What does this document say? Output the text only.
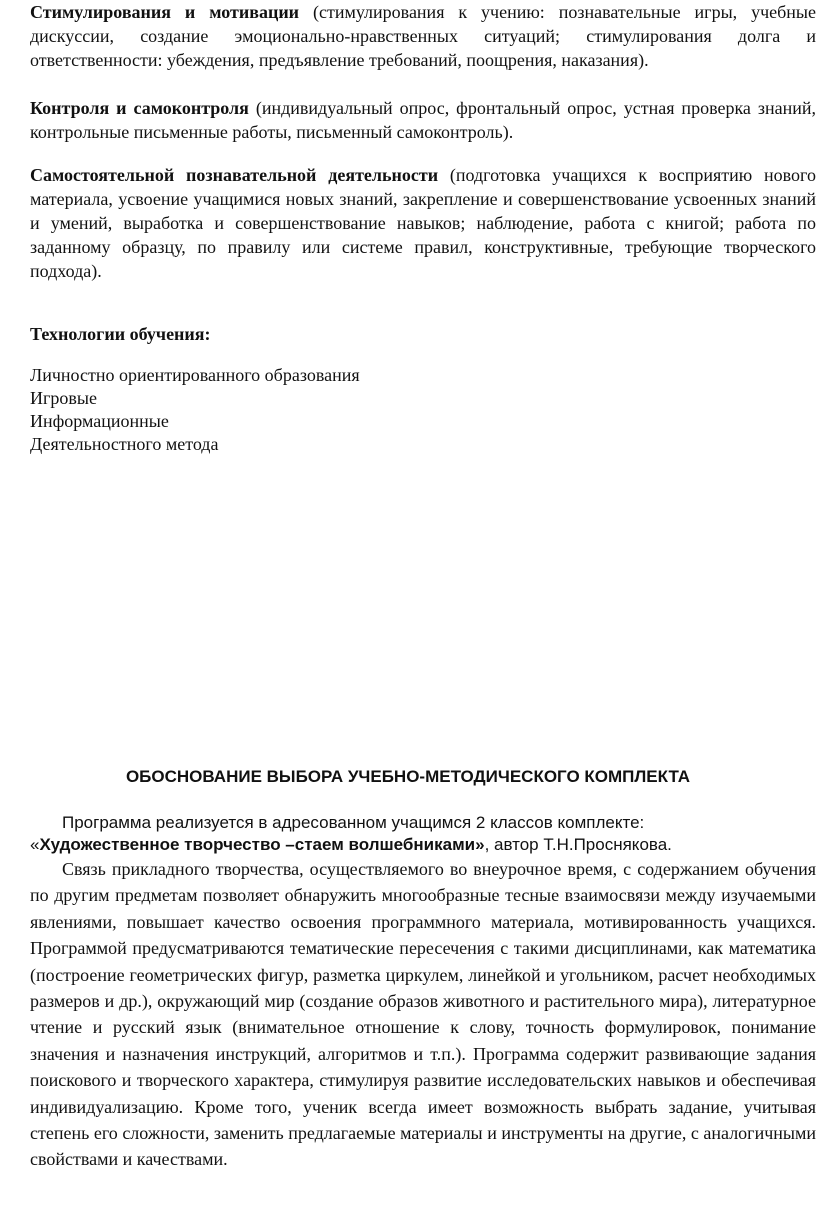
Стимулирования и мотивации (стимулирования к учению: познавательные игры, учебные дискуссии, создание эмоционально-нравственных ситуаций; стимулирования долга и ответственности: убеждения, предъявление требований, поощрения, наказания).

Контроля и самоконтроля (индивидуальный опрос, фронтальный опрос, устная проверка знаний, контрольные письменные работы, письменный самоконтроль).

Самостоятельной познавательной деятельности (подготовка учащихся к восприятию нового материала, усвоение учащимися новых знаний, закрепление и совершенствование усвоенных знаний и умений, выработка и совершенствование навыков; наблюдение, работа с книгой; работа по заданному образцу, по правилу или системе правил, конструктивные, требующие творческого подхода).

Технологии обучения:

Личностно ориентированного образования
Игровые
Информационные
Деятельностного метода
ОБОСНОВАНИЕ ВЫБОРА УЧЕБНО-МЕТОДИЧЕСКОГО КОМПЛЕКТА

Программа реализуется в адресованном учащимся 2 классов комплекте:

«Художественное творчество –стаем волшебниками», автор Т.Н.Проснякова.

Связь прикладного творчества, осуществляемого во внеурочное время, с содержанием обучения по другим предметам позволяет обнаружить многообразные тесные взаимосвязи между изучаемыми явлениями, повышает качество освоения программного материала, мотивированность учащихся. Программой предусматриваются тематические пересечения с такими дисциплинами, как математика (построение геометрических фигур, разметка циркулем, линейкой и угольником, расчет необходимых размеров и др.), окружающий мир (создание образов животного и растительного мира), литературное чтение и русский язык (внимательное отношение к слову, точность формулировок, понимание значения и назначения инструкций, алгоритмов и т.п.). Программа содержит развивающие задания поискового и творческого характера, стимулируя развитие исследовательских навыков и обеспечивая индивидуализацию. Кроме того, ученик всегда имеет возможность выбрать задание, учитывая степень его сложности, заменить предлагаемые материалы и инструменты на другие, с аналогичными свойствами и качествами.
